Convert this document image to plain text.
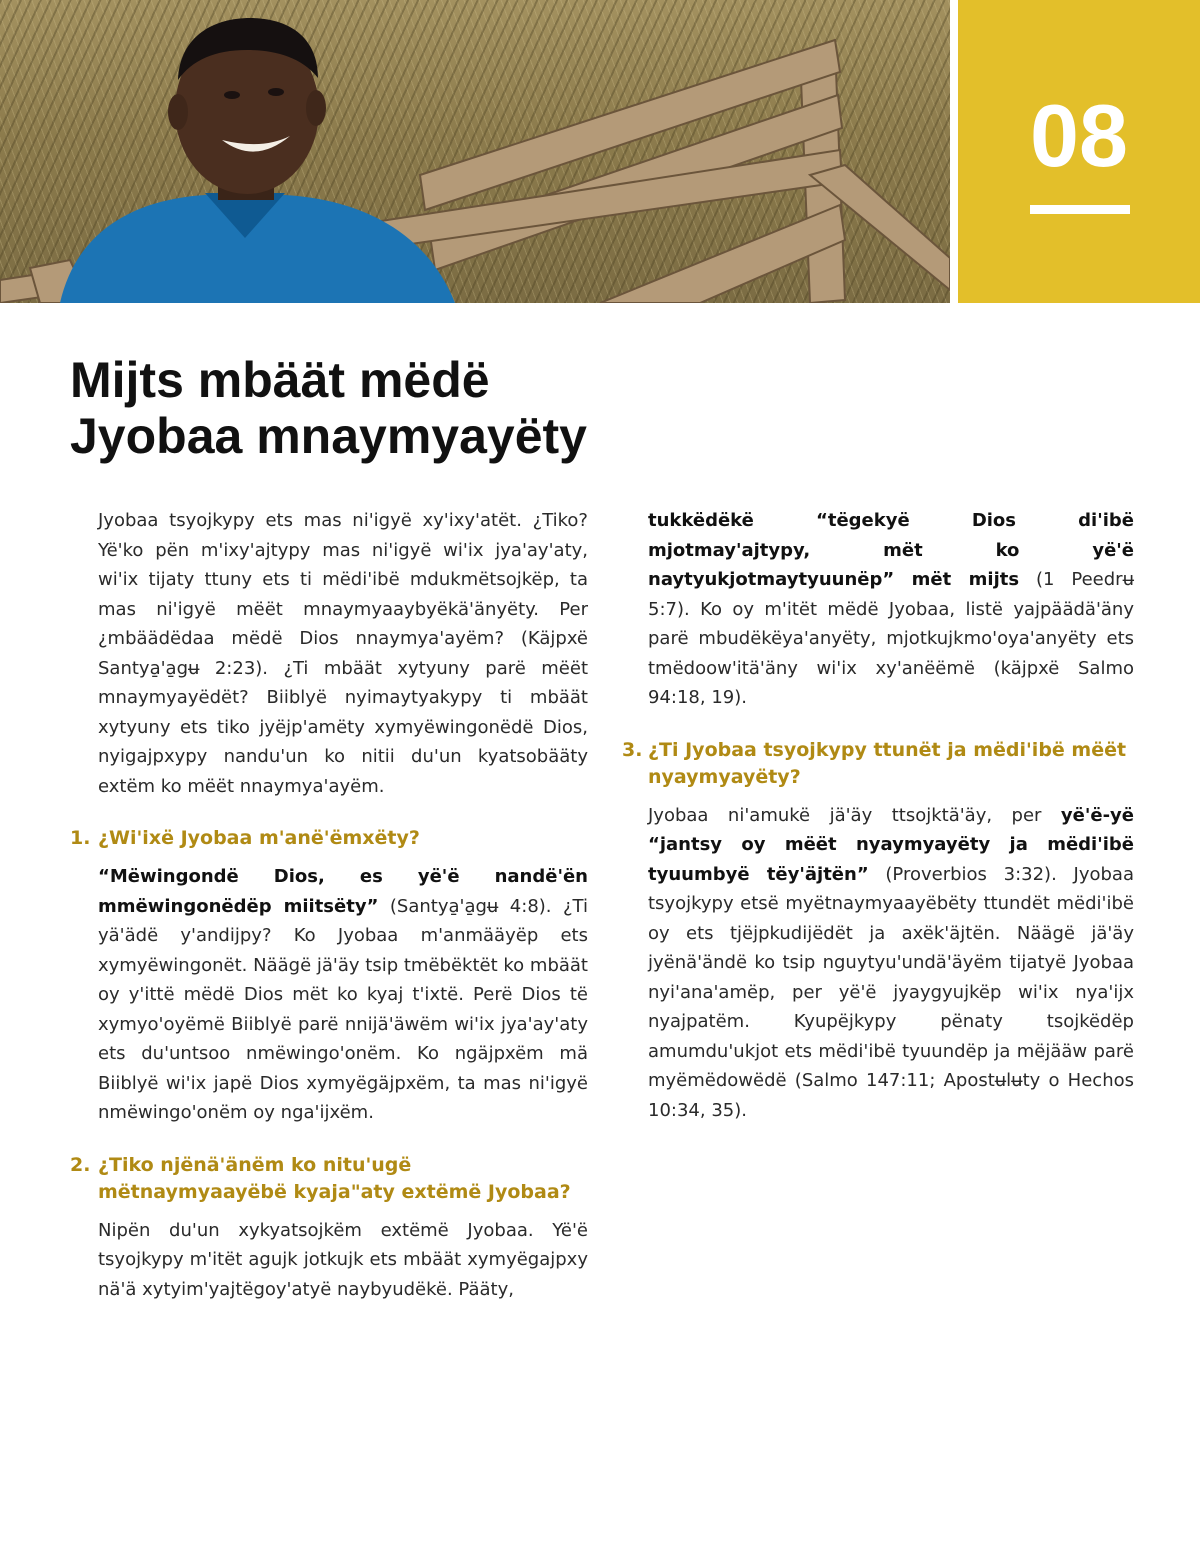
08
Mijts mbäät mëdë
Jyobaa mnaymyayëty

Jyobaa tsyojkypy ets mas ni'igyë xy'ixy'atët. ¿Tiko? Yë'ko pën m'ixy'ajtypy mas ni'igyë wi'ix jya'ay'aty, wi'ix tijaty ttuny ets ti mëdi'ibë mdukmëtsojkëp, ta mas ni'igyë mëët mnaymyaaybyëkä'änyëty. Per ¿mbäädëdaa mëdë Dios nnaymya'ayëm? (Käjpxë Santya̱'a̱gʉ 2:23). ¿Ti mbäät xytyuny parë mëët mnaymyayëdët? Biiblyë nyimaytyakypy ti mbäät xytyuny ets tiko jyëjp'amëty xymyëwingonëdë Dios, nyigajpxypy nandu'un ko nitii du'un kyatsobääty extëm ko mëët nnaymya'ayëm.

1. ¿Wi'ixë Jyobaa m'anë'ëmxëty?

“Mëwingondë Dios, es yë'ë nandë'ën mmëwingonëdëp miitsëty” (Santya̱'a̱gʉ 4:8). ¿Ti yä'ädë y'andijpy? Ko Jyobaa m'anmääyëp ets xymyëwingonët. Näägë jä'äy tsip tmëbëktët ko mbäät oy y'ittë mëdë Dios mët ko kyaj t'ixtë. Perë Dios të xymyo'oyëmë Biiblyë parë nnijä'äwëm wi'ix jya'ay'aty ets du'untsoo nmëwingo'onëm. Ko ngäjpxëm mä Biiblyë wi'ix japë Dios xymyëgäjpxëm, ta mas ni'igyë nmëwingo'onëm oy nga'ijxëm.

2. ¿Tiko njënä'änëm ko nitu'ugë mëtnaymyaayëbë kyaja"aty extëmë Jyobaa?

Nipën du'un xykyatsojkëm extëmë Jyobaa. Yë'ë tsyojkypy m'itët agujk jotkujk ets mbäät xymyëgajpxy nä'ä xytyim'yajtëgoy'atyë naybyudëkë. Pääty,

tukkëdëkë “tëgekyë Dios di'ibë mjotmay'ajtypy, mët ko yë'ë naytyukjotmaytyuunëp” mët mijts (1 Peedrʉ 5:7). Ko oy m'itët mëdë Jyobaa, listë yajpäädä'äny parë mbudëkëya'anyëty, mjotkujkmo'oya'anyëty ets tmëdoow'itä'äny wi'ix xy'anëëmë (käjpxë Salmo 94:18, 19).

3. ¿Ti Jyobaa tsyojkypy ttunët ja mëdi'ibë mëët nyaymyayëty?

Jyobaa ni'amukë jä'äy ttsojktä'äy, per yë'ë-yë “jantsy oy mëët nyaymyayëty ja mëdi'ibë tyuumbyë tëy'äjtën” (Proverbios 3:32). Jyobaa tsyojkypy etsë myëtnaymyaayëbëty ttundët mëdi'ibë oy ets tjëjpkudijëdët ja axëk'äjtën. Näägë jä'äy jyënä'ändë ko tsip nguytyu'undä'äyëm tijatyë Jyobaa nyi'ana'amëp, per yë'ë jyaygyujkëp wi'ix nya'ijx nyajpatëm. Kyupëjkypy pënaty tsojkëdëp amumdu'ukjot ets mëdi'ibë tyuundëp ja mëjääw parë myëmëdowëdë (Salmo 147:11; Apostʉlʉty o Hechos 10:34, 35).
